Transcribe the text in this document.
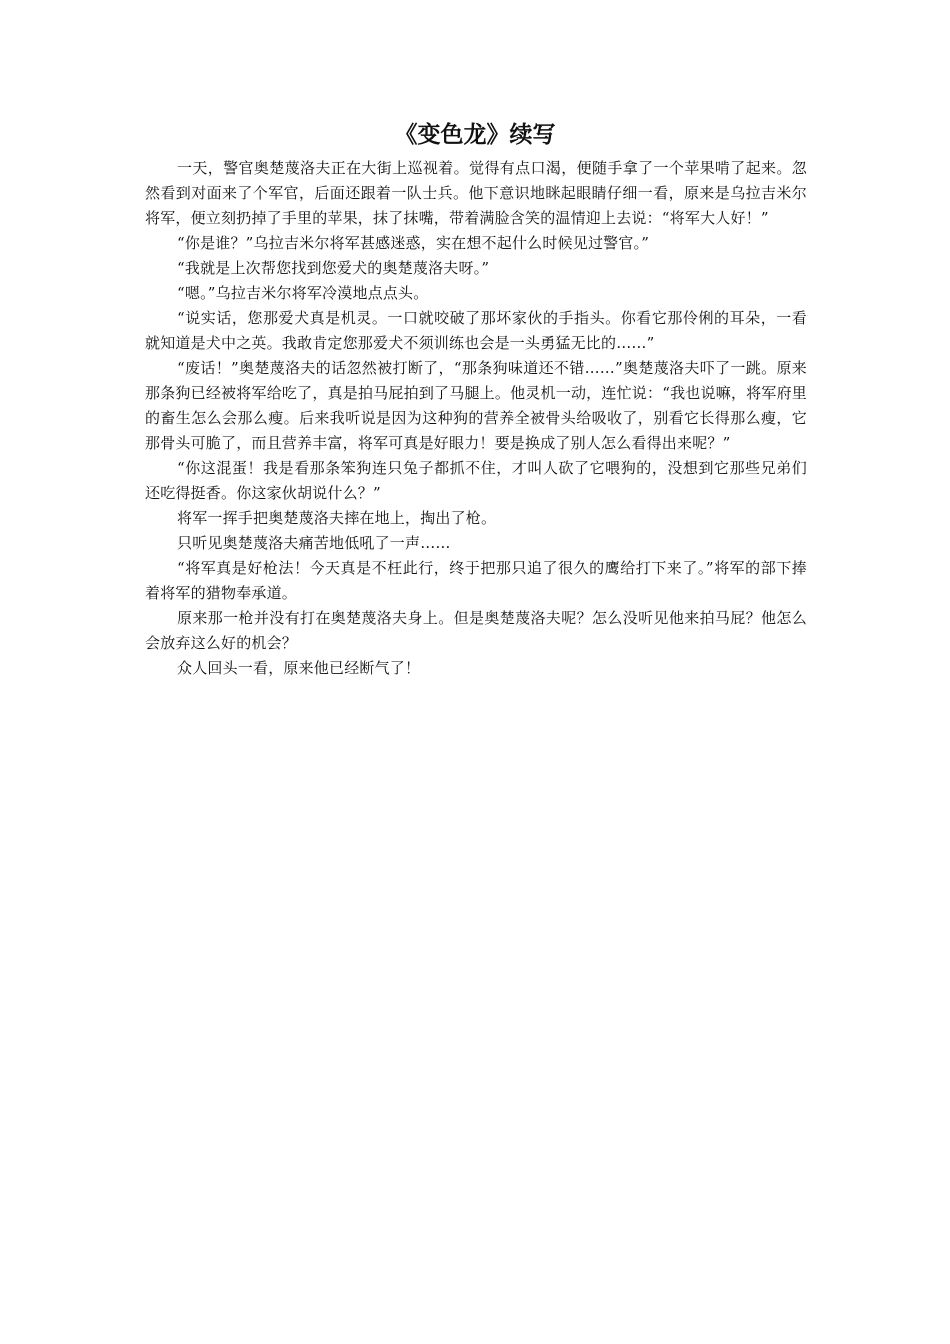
《变色龙》续写

一天，警官奥楚蔑洛夫正在大街上巡视着。觉得有点口渴，便随手拿了一个苹果啃了起来。忽然看到对面来了个军官，后面还跟着一队士兵。他下意识地眯起眼睛仔细一看，原来是乌拉吉米尔将军，便立刻扔掉了手里的苹果，抹了抹嘴，带着满脸含笑的温情迎上去说：“将军大人好！”

“你是谁？”乌拉吉米尔将军甚感迷惑，实在想不起什么时候见过警官。”

“我就是上次帮您找到您爱犬的奥楚蔑洛夫呀。”

“嗯。”乌拉吉米尔将军冷漠地点点头。

“说实话，您那爱犬真是机灵。一口就咬破了那坏家伙的手指头。你看它那伶俐的耳朵，一看就知道是犬中之英。我敢肯定您那爱犬不须训练也会是一头勇猛无比的……”

“废话！”奥楚蔑洛夫的话忽然被打断了，“那条狗味道还不错……”奥楚蔑洛夫吓了一跳。原来那条狗已经被将军给吃了，真是拍马屁拍到了马腿上。他灵机一动，连忙说：“我也说嘛，将军府里的畜生怎么会那么瘦。后来我听说是因为这种狗的营养全被骨头给吸收了，别看它长得那么瘦，它那骨头可脆了，而且营养丰富，将军可真是好眼力！要是换成了别人怎么看得出来呢？”

“你这混蛋！我是看那条笨狗连只兔子都抓不住，才叫人砍了它喂狗的，没想到它那些兄弟们还吃得挺香。你这家伙胡说什么？”

将军一挥手把奥楚蔑洛夫摔在地上，掏出了枪。

只听见奥楚蔑洛夫痛苦地低吼了一声……

“将军真是好枪法！今天真是不枉此行，终于把那只追了很久的鹰给打下来了。”将军的部下捧着将军的猎物奉承道。

原来那一枪并没有打在奥楚蔑洛夫身上。但是奥楚蔑洛夫呢？怎么没听见他来拍马屁？他怎么会放弃这么好的机会？

众人回头一看，原来他已经断气了！
